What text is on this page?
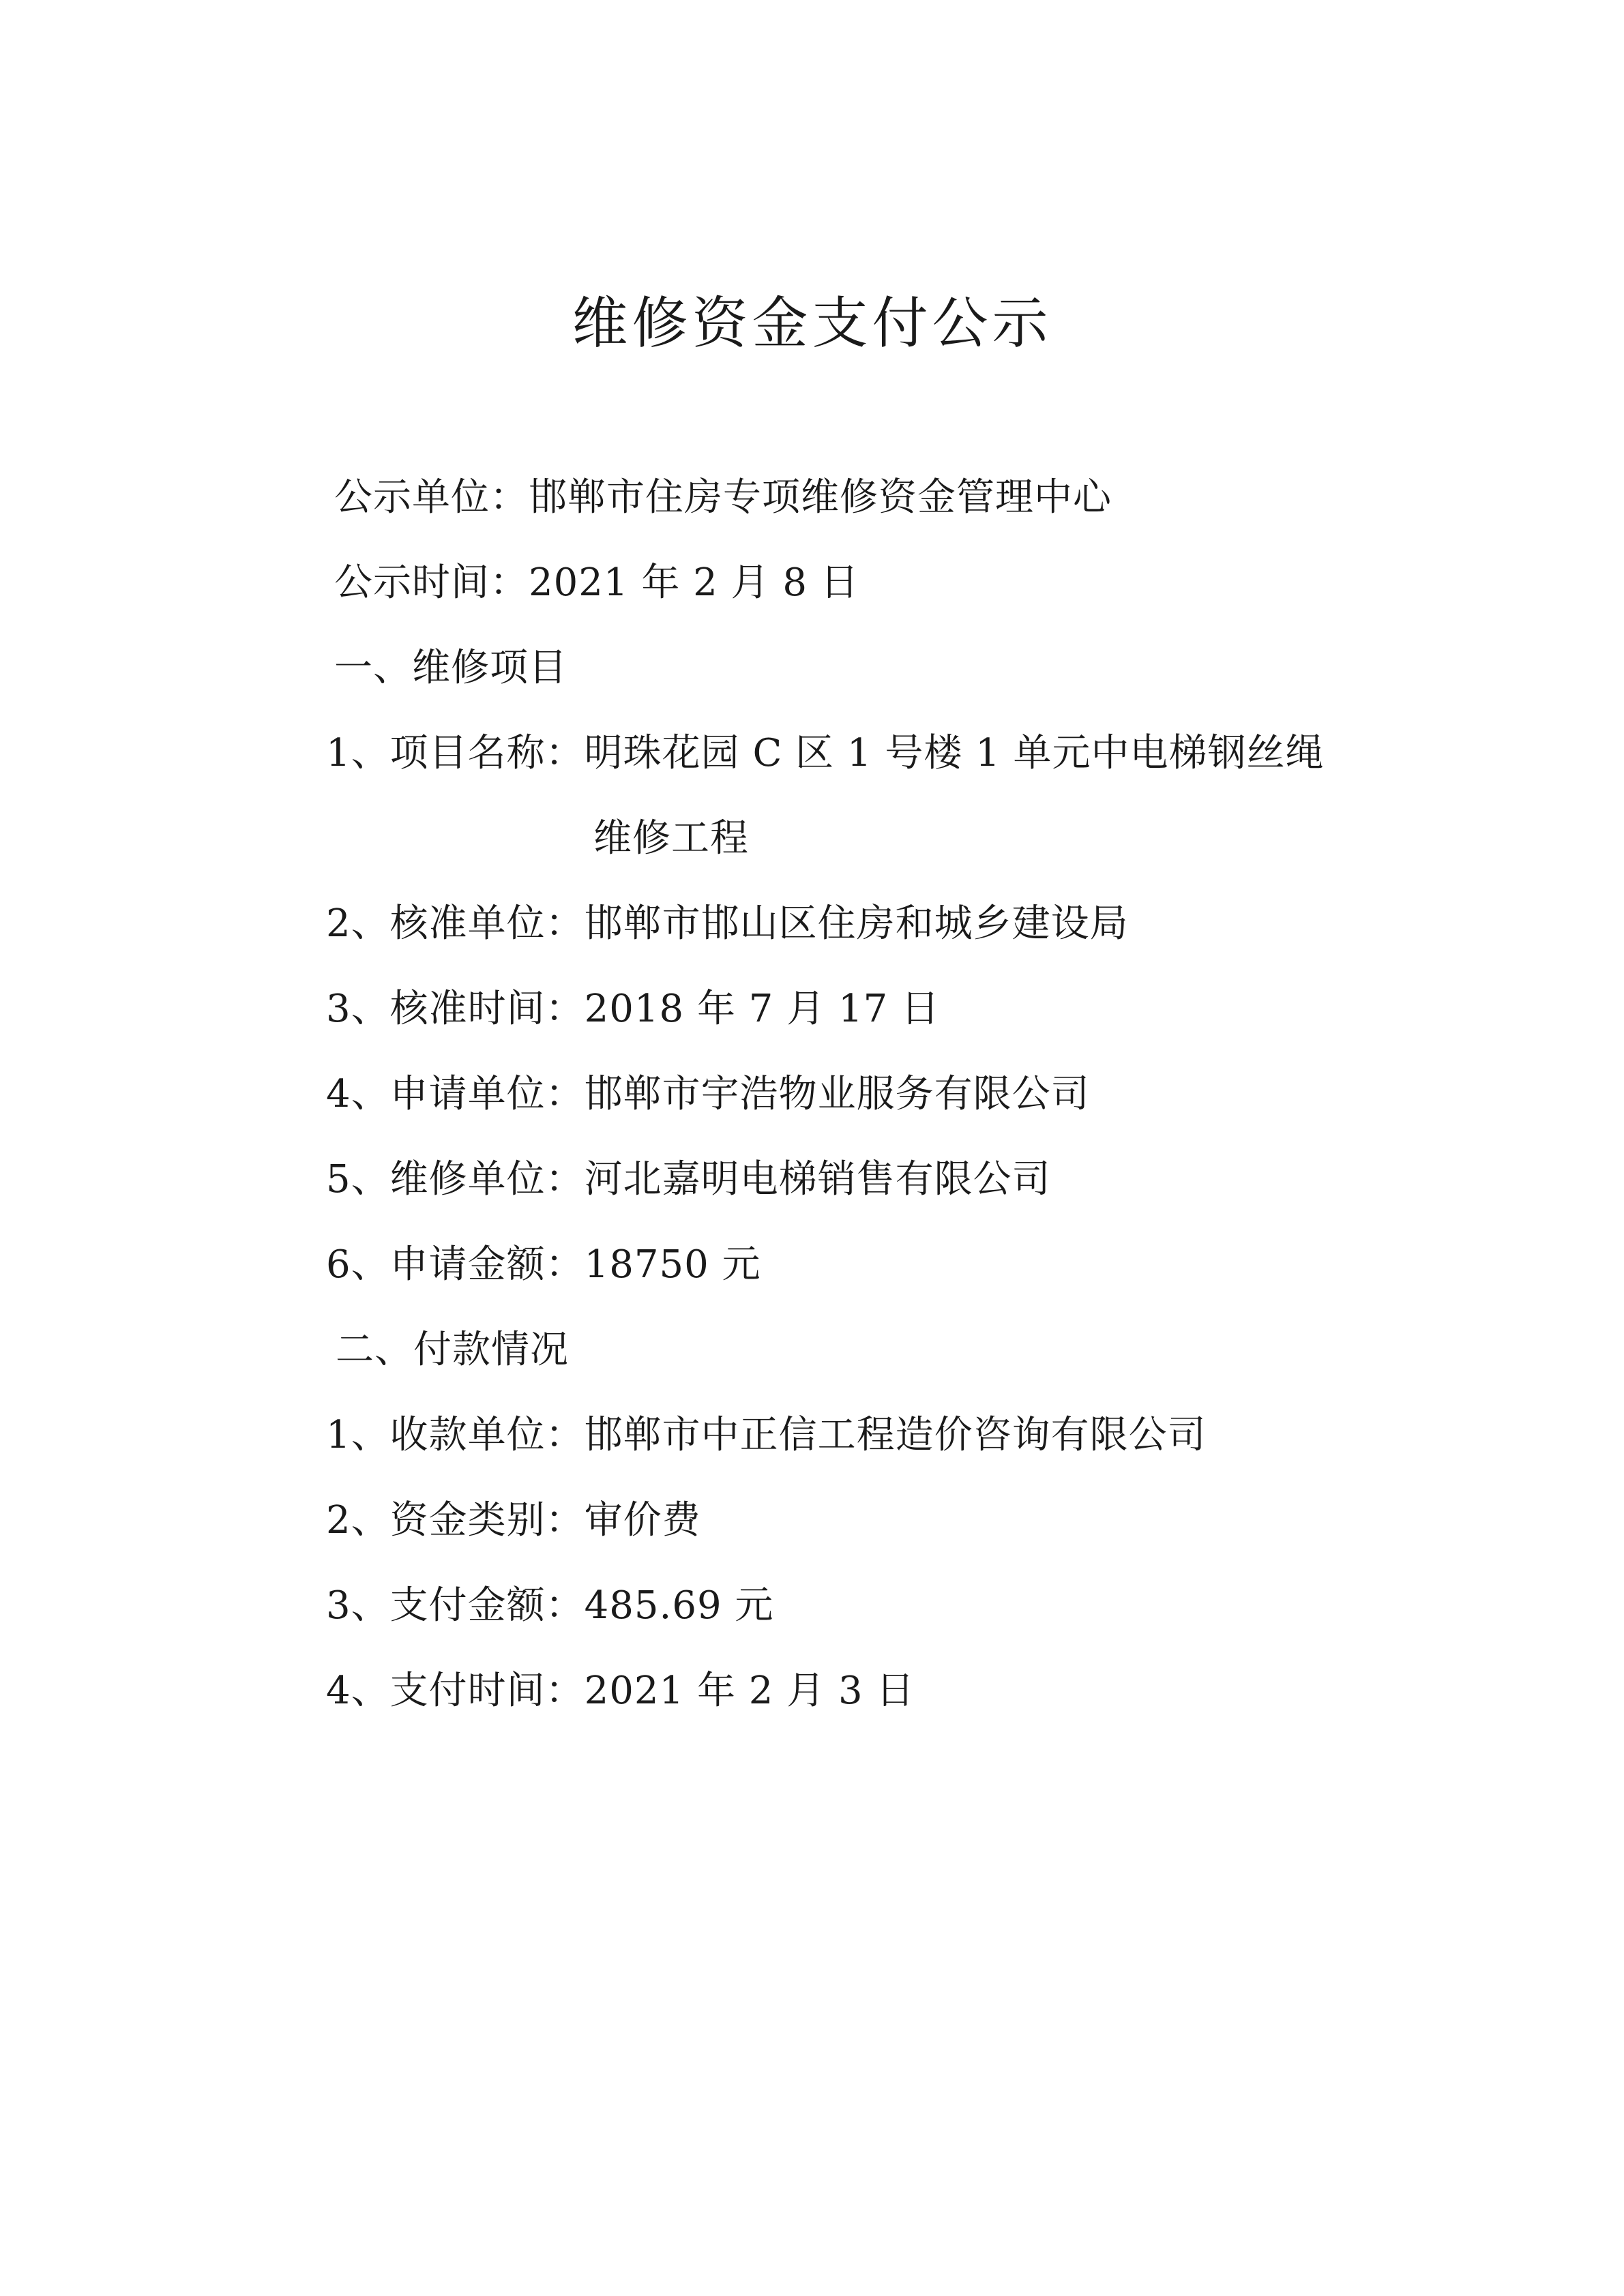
维修资金支付公示
公示单位：邯郸市住房专项维修资金管理中心
公示时间：2021 年 2 月 8 日
一、维修项目
1、项目名称：明珠花园 C 区 1 号楼 1 单元中电梯钢丝绳
维修工程
2、核准单位：邯郸市邯山区住房和城乡建设局
3、核准时间：2018 年 7 月 17 日
4、申请单位：邯郸市宇浩物业服务有限公司
5、维修单位：河北嘉明电梯销售有限公司
6、申请金额：18750 元
二、付款情况
1、收款单位：邯郸市中正信工程造价咨询有限公司
2、资金类别：审价费
3、支付金额：485.69 元
4、支付时间：2021 年 2 月 3 日
